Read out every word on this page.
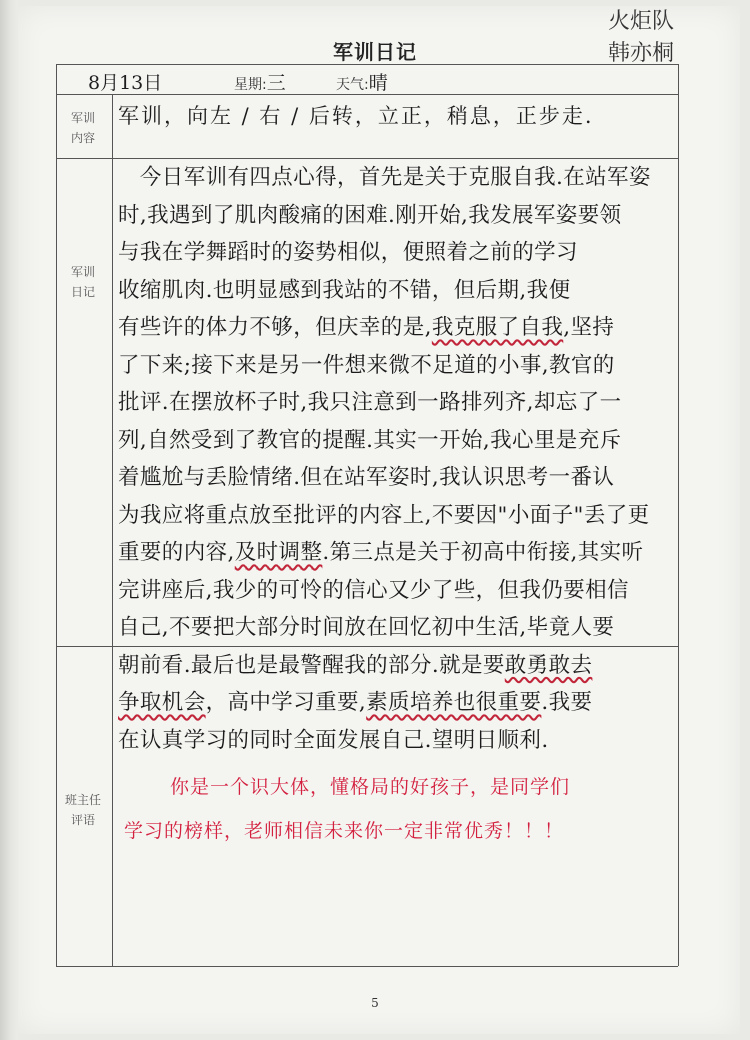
军训日记
火炬队
韩亦桐
8月13日	星期:三	天气:晴
军训
内容
军训
日记
班主任
评语
军训，向左 / 右 / 后转，立正，稍息，正步走.
　今日军训有四点心得，首先是关于克服自我.在站军姿
时,我遇到了肌肉酸痛的困难.刚开始,我发展军姿要领
与我在学舞蹈时的姿势相似，便照着之前的学习
收缩肌肉.也明显感到我站的不错，但后期,我便
有些许的体力不够，但庆幸的是,我克服了自我,坚持
了下来;接下来是另一件想来微不足道的小事,教官的
批评.在摆放杯子时,我只注意到一路排列齐,却忘了一
列,自然受到了教官的提醒.其实一开始,我心里是充斥
着尴尬与丢脸情绪.但在站军姿时,我认识思考一番认
为我应将重点放至批评的内容上,不要因"小面子"丢了更
重要的内容,及时调整.第三点是关于初高中衔接,其实听
完讲座后,我少的可怜的信心又少了些，但我仍要相信
自己,不要把大部分时间放在回忆初中生活,毕竟人要
朝前看.最后也是最警醒我的部分.就是要敢勇敢去
争取机会，高中学习重要,素质培养也很重要.我要
在认真学习的同时全面发展自己.望明日顺利.
你是一个识大体，懂格局的好孩子，是同学们
学习的榜样，老师相信未来你一定非常优秀！！！
5
